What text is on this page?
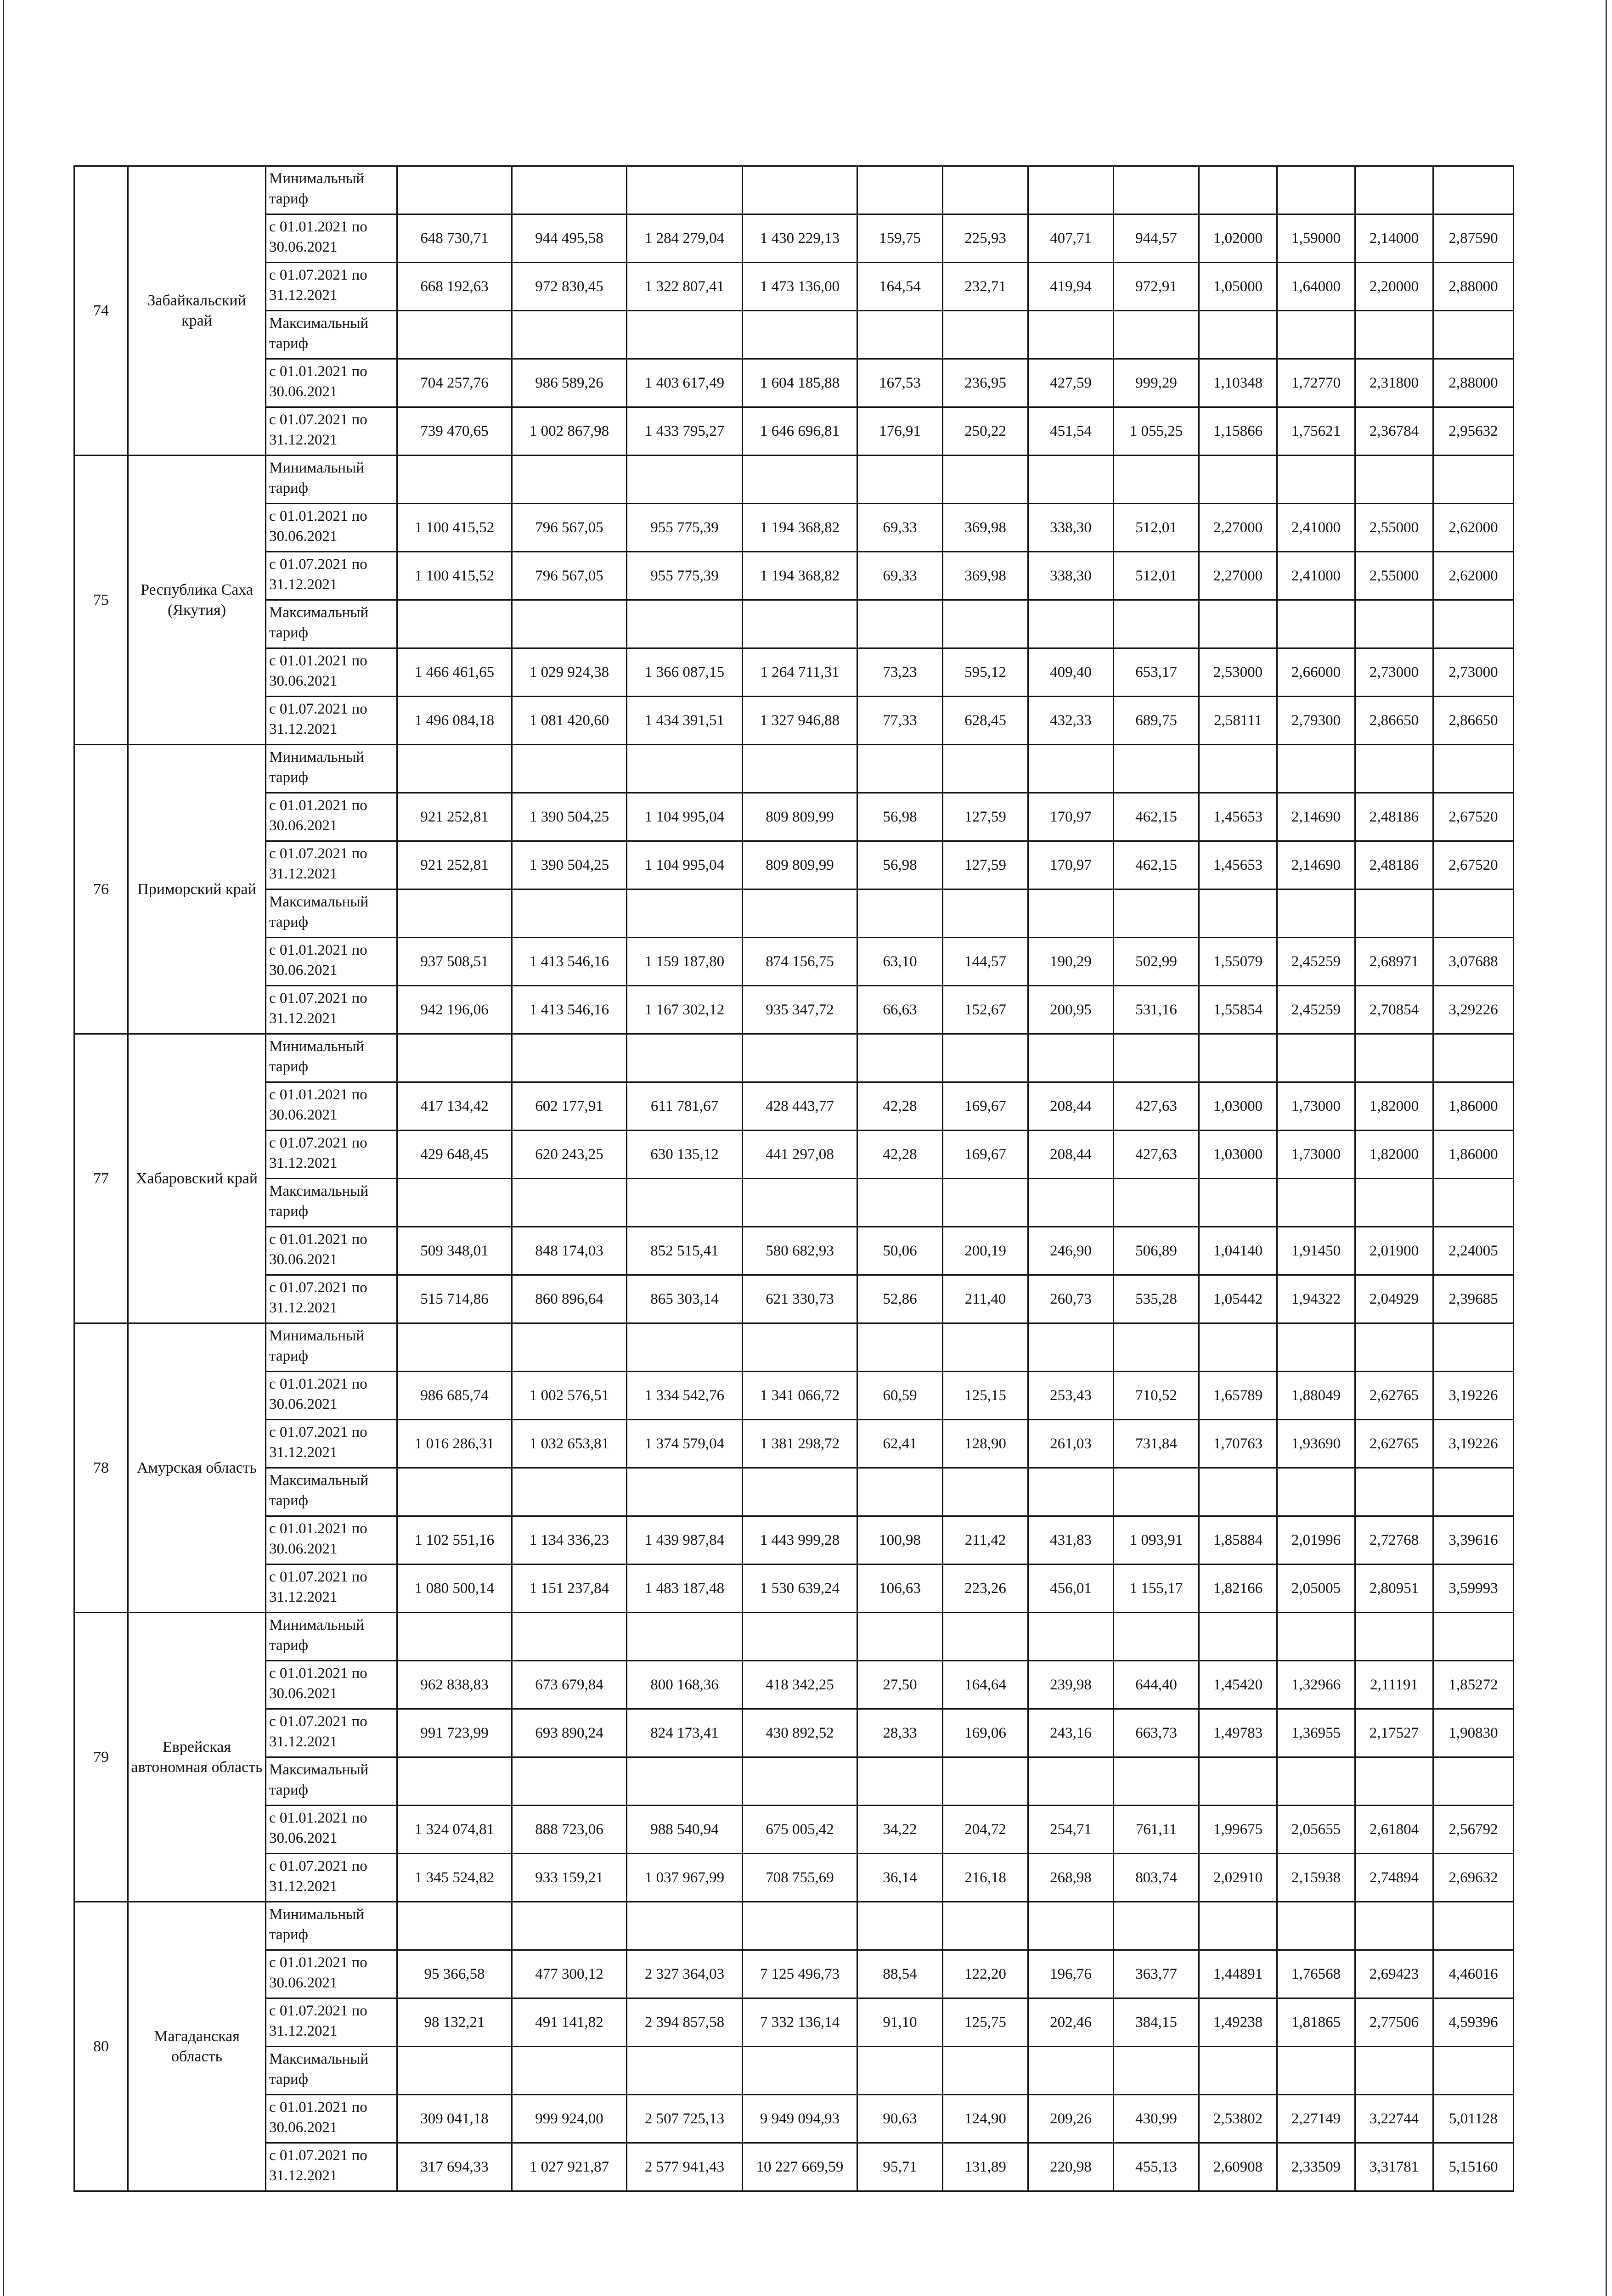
74	Забайкальский край	Минимальный тариф												
		с 01.01.2021 по 30.06.2021	648 730,71	944 495,58	1 284 279,04	1 430 229,13	159,75	225,93	407,71	944,57	1,02000	1,59000	2,14000	2,87590
		с 01.07.2021 по 31.12.2021	668 192,63	972 830,45	1 322 807,41	1 473 136,00	164,54	232,71	419,94	972,91	1,05000	1,64000	2,20000	2,88000
		Максимальный тариф												
		с 01.01.2021 по 30.06.2021	704 257,76	986 589,26	1 403 617,49	1 604 185,88	167,53	236,95	427,59	999,29	1,10348	1,72770	2,31800	2,88000
		с 01.07.2021 по 31.12.2021	739 470,65	1 002 867,98	1 433 795,27	1 646 696,81	176,91	250,22	451,54	1 055,25	1,15866	1,75621	2,36784	2,95632
75	Республика Саха (Якутия)	Минимальный тариф												
		с 01.01.2021 по 30.06.2021	1 100 415,52	796 567,05	955 775,39	1 194 368,82	69,33	369,98	338,30	512,01	2,27000	2,41000	2,55000	2,62000
		с 01.07.2021 по 31.12.2021	1 100 415,52	796 567,05	955 775,39	1 194 368,82	69,33	369,98	338,30	512,01	2,27000	2,41000	2,55000	2,62000
		Максимальный тариф												
		с 01.01.2021 по 30.06.2021	1 466 461,65	1 029 924,38	1 366 087,15	1 264 711,31	73,23	595,12	409,40	653,17	2,53000	2,66000	2,73000	2,73000
		с 01.07.2021 по 31.12.2021	1 496 084,18	1 081 420,60	1 434 391,51	1 327 946,88	77,33	628,45	432,33	689,75	2,58111	2,79300	2,86650	2,86650
76	Приморский край	Минимальный тариф												
		с 01.01.2021 по 30.06.2021	921 252,81	1 390 504,25	1 104 995,04	809 809,99	56,98	127,59	170,97	462,15	1,45653	2,14690	2,48186	2,67520
		с 01.07.2021 по 31.12.2021	921 252,81	1 390 504,25	1 104 995,04	809 809,99	56,98	127,59	170,97	462,15	1,45653	2,14690	2,48186	2,67520
		Максимальный тариф												
		с 01.01.2021 по 30.06.2021	937 508,51	1 413 546,16	1 159 187,80	874 156,75	63,10	144,57	190,29	502,99	1,55079	2,45259	2,68971	3,07688
		с 01.07.2021 по 31.12.2021	942 196,06	1 413 546,16	1 167 302,12	935 347,72	66,63	152,67	200,95	531,16	1,55854	2,45259	2,70854	3,29226
77	Хабаровский край	Минимальный тариф												
		с 01.01.2021 по 30.06.2021	417 134,42	602 177,91	611 781,67	428 443,77	42,28	169,67	208,44	427,63	1,03000	1,73000	1,82000	1,86000
		с 01.07.2021 по 31.12.2021	429 648,45	620 243,25	630 135,12	441 297,08	42,28	169,67	208,44	427,63	1,03000	1,73000	1,82000	1,86000
		Максимальный тариф												
		с 01.01.2021 по 30.06.2021	509 348,01	848 174,03	852 515,41	580 682,93	50,06	200,19	246,90	506,89	1,04140	1,91450	2,01900	2,24005
		с 01.07.2021 по 31.12.2021	515 714,86	860 896,64	865 303,14	621 330,73	52,86	211,40	260,73	535,28	1,05442	1,94322	2,04929	2,39685
78	Амурская область	Минимальный тариф												
		с 01.01.2021 по 30.06.2021	986 685,74	1 002 576,51	1 334 542,76	1 341 066,72	60,59	125,15	253,43	710,52	1,65789	1,88049	2,62765	3,19226
		с 01.07.2021 по 31.12.2021	1 016 286,31	1 032 653,81	1 374 579,04	1 381 298,72	62,41	128,90	261,03	731,84	1,70763	1,93690	2,62765	3,19226
		Максимальный тариф												
		с 01.01.2021 по 30.06.2021	1 102 551,16	1 134 336,23	1 439 987,84	1 443 999,28	100,98	211,42	431,83	1 093,91	1,85884	2,01996	2,72768	3,39616
		с 01.07.2021 по 31.12.2021	1 080 500,14	1 151 237,84	1 483 187,48	1 530 639,24	106,63	223,26	456,01	1 155,17	1,82166	2,05005	2,80951	3,59993
79	Еврейская автономная область	Минимальный тариф												
		с 01.01.2021 по 30.06.2021	962 838,83	673 679,84	800 168,36	418 342,25	27,50	164,64	239,98	644,40	1,45420	1,32966	2,11191	1,85272
		с 01.07.2021 по 31.12.2021	991 723,99	693 890,24	824 173,41	430 892,52	28,33	169,06	243,16	663,73	1,49783	1,36955	2,17527	1,90830
		Максимальный тариф												
		с 01.01.2021 по 30.06.2021	1 324 074,81	888 723,06	988 540,94	675 005,42	34,22	204,72	254,71	761,11	1,99675	2,05655	2,61804	2,56792
		с 01.07.2021 по 31.12.2021	1 345 524,82	933 159,21	1 037 967,99	708 755,69	36,14	216,18	268,98	803,74	2,02910	2,15938	2,74894	2,69632
80	Магаданская область	Минимальный тариф												
		с 01.01.2021 по 30.06.2021	95 366,58	477 300,12	2 327 364,03	7 125 496,73	88,54	122,20	196,76	363,77	1,44891	1,76568	2,69423	4,46016
		с 01.07.2021 по 31.12.2021	98 132,21	491 141,82	2 394 857,58	7 332 136,14	91,10	125,75	202,46	384,15	1,49238	1,81865	2,77506	4,59396
		Максимальный тариф												
		с 01.01.2021 по 30.06.2021	309 041,18	999 924,00	2 507 725,13	9 949 094,93	90,63	124,90	209,26	430,99	2,53802	2,27149	3,22744	5,01128
		с 01.07.2021 по 31.12.2021	317 694,33	1 027 921,87	2 577 941,43	10 227 669,59	95,71	131,89	220,98	455,13	2,60908	2,33509	3,31781	5,15160
